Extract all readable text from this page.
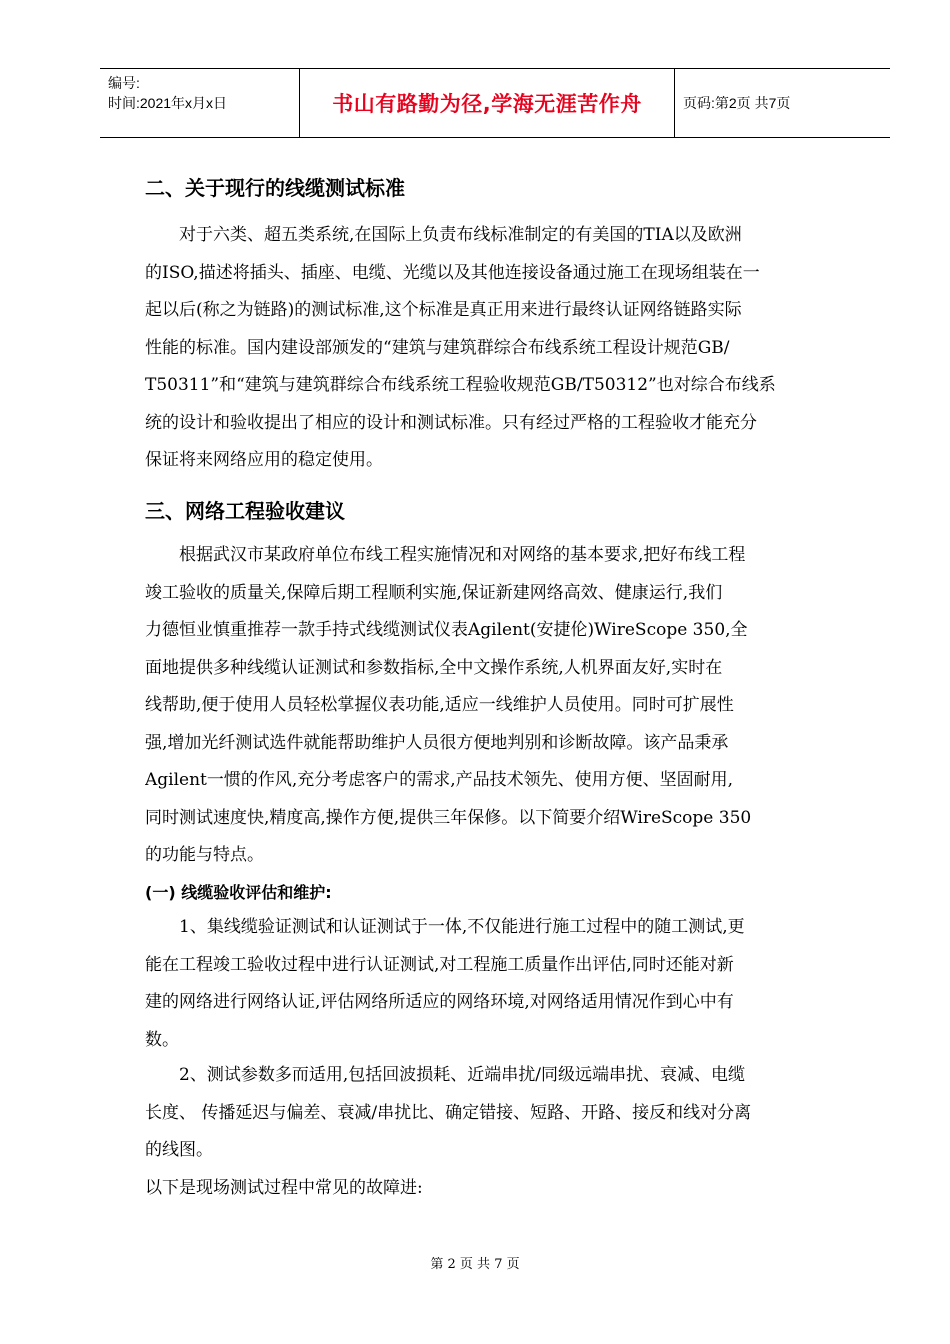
编号:
时间:2021年x月x日	书山有路勤为径,学海无涯苦作舟	页码:第2页 共7页
二、关于现行的线缆测试标准
对于六类、超五类系统,在国际上负责布线标准制定的有美国的TIA以及欧洲
的ISO,描述将插头、插座、电缆、光缆以及其他连接设备通过施工在现场组装在一
起以后(称之为链路)的测试标准,这个标准是真正用来进行最终认证网络链路实际
性能的标准。国内建设部颁发的“建筑与建筑群综合布线系统工程设计规范GB/
T50311”和“建筑与建筑群综合布线系统工程验收规范GB/T50312”也对综合布线系
统的设计和验收提出了相应的设计和测试标准。只有经过严格的工程验收才能充分
保证将来网络应用的稳定使用。
三、网络工程验收建议
根据武汉市某政府单位布线工程实施情况和对网络的基本要求,把好布线工程
竣工验收的质量关,保障后期工程顺利实施,保证新建网络高效、健康运行,我们
力德恒业慎重推荐一款手持式线缆测试仪表Agilent(安捷伦)WireScope 350,全
面地提供多种线缆认证测试和参数指标,全中文操作系统,人机界面友好,实时在
线帮助,便于使用人员轻松掌握仪表功能,适应一线维护人员使用。同时可扩展性
强,增加光纤测试选件就能帮助维护人员很方便地判别和诊断故障。该产品秉承
Agilent一惯的作风,充分考虑客户的需求,产品技术领先、使用方便、坚固耐用,
同时测试速度快,精度高,操作方便,提供三年保修。以下简要介绍WireScope 350
的功能与特点。
(一) 线缆验收评估和维护:
1、集线缆验证测试和认证测试于一体,不仅能进行施工过程中的随工测试,更
能在工程竣工验收过程中进行认证测试,对工程施工质量作出评估,同时还能对新
建的网络进行网络认证,评估网络所适应的网络环境,对网络适用情况作到心中有
数。
2、测试参数多而适用,包括回波损耗、近端串扰/同级远端串扰、衰减、电缆
长度、 传播延迟与偏差、衰减/串扰比、确定错接、短路、开路、接反和线对分离
的线图。
以下是现场测试过程中常见的故障进:
第 2 页 共 7 页
